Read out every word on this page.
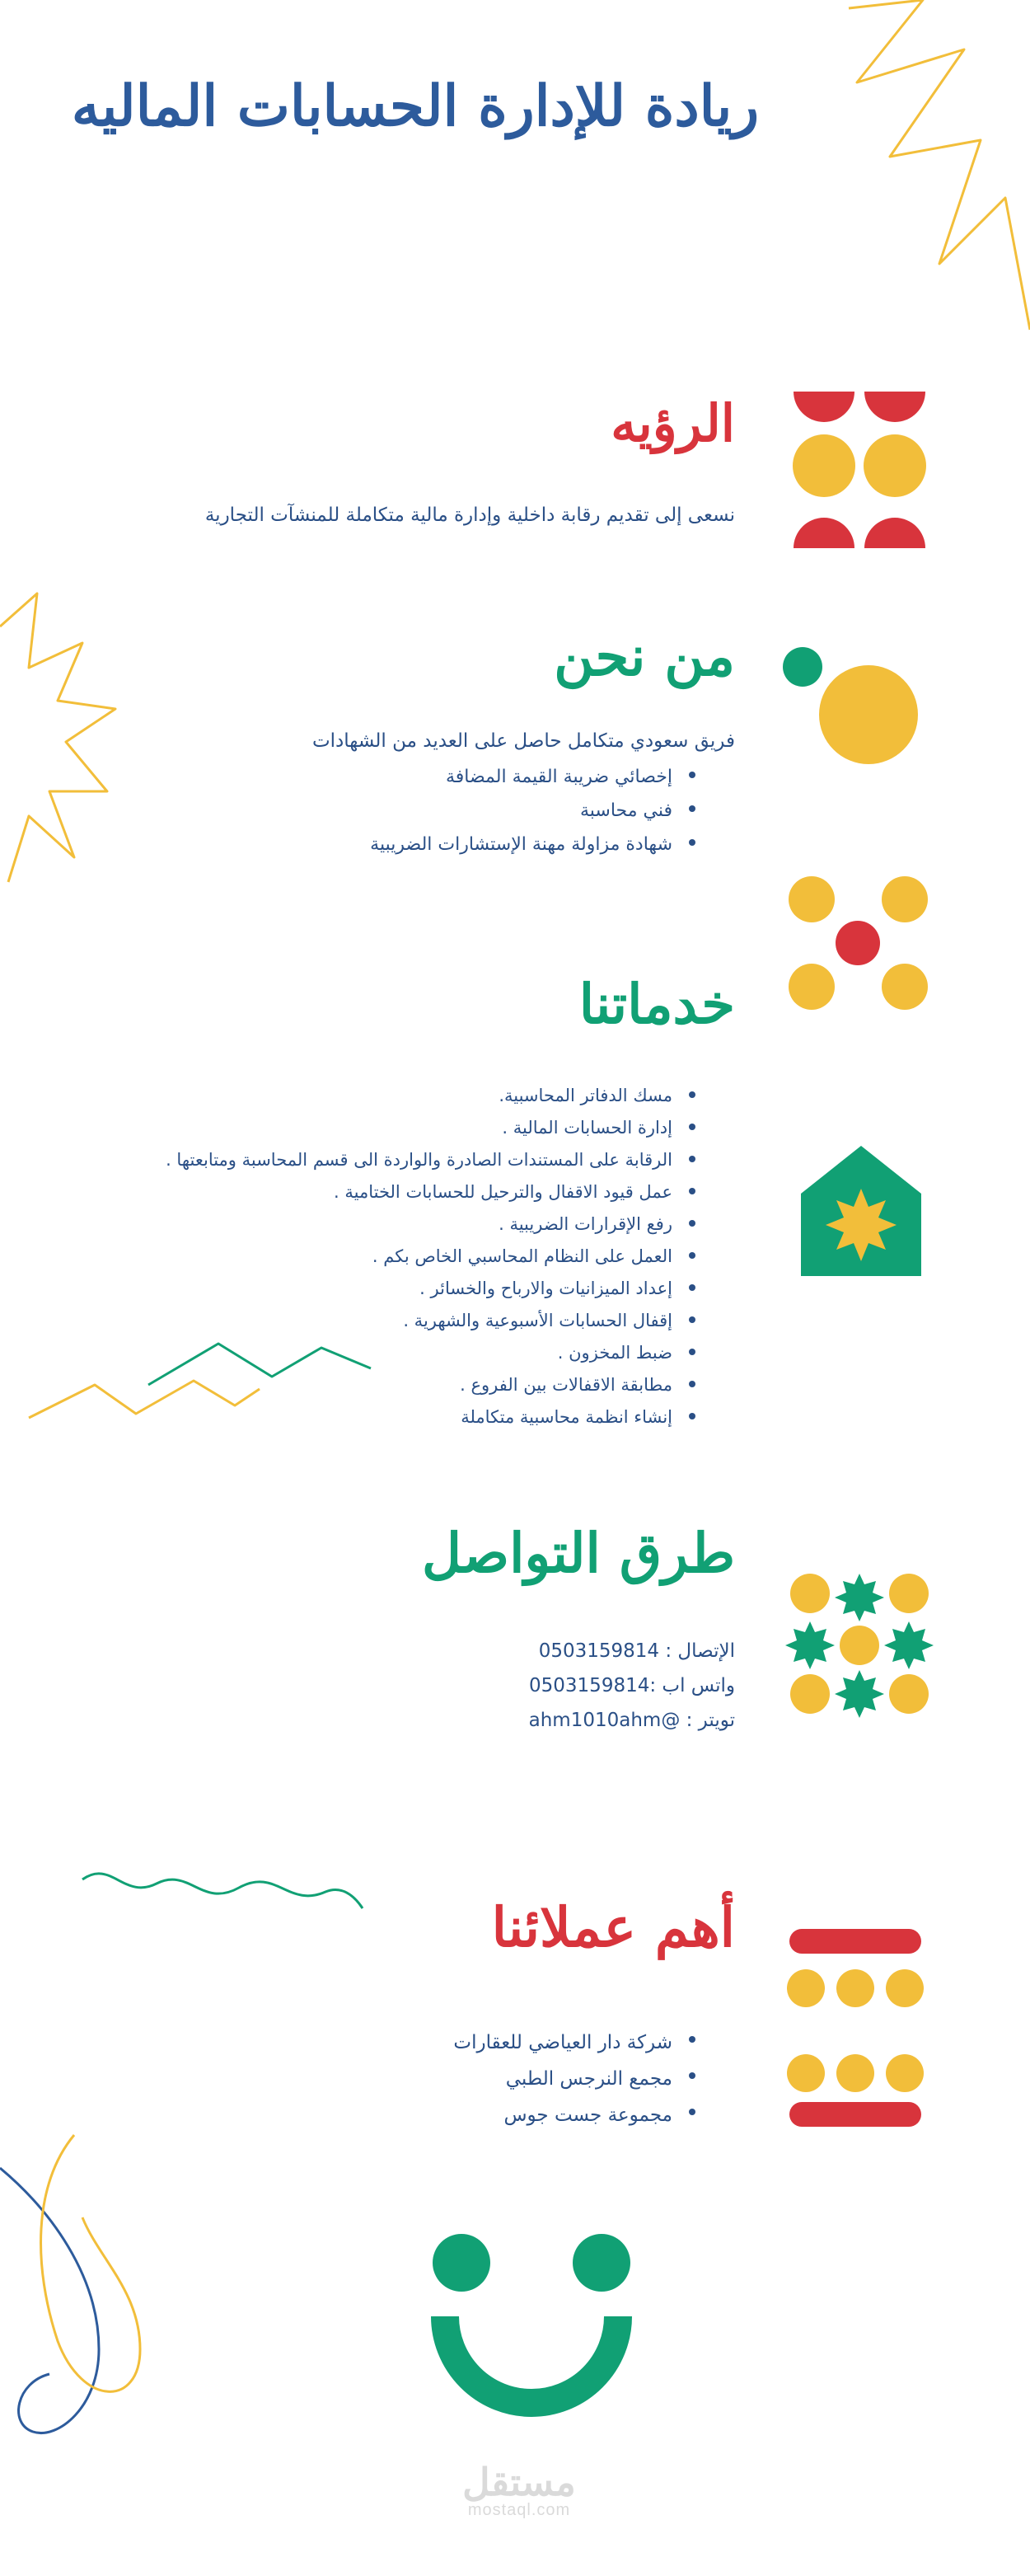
ريادة للإدارة الحسابات الماليه
الرؤيه

نسعى إلى تقديم رقابة داخلية وإدارة مالية متكاملة للمنشآت التجارية

من نحن

فريق سعودي متكامل حاصل على العديد من الشهادات

إخصائي ضريبة القيمة المضافة
فني محاسبة
شهادة مزاولة مهنة الإستشارات الضريبية
خدماتنا
مسك الدفاتر المحاسبية.
إدارة الحسابات المالية .
الرقابة على المستندات الصادرة والواردة الى قسم المحاسبة ومتابعتها .
عمل قيود الاقفال والترحيل للحسابات الختامية .
رفع الإقرارات الضريبية .
العمل على النظام المحاسبي الخاص بكم .
إعداد الميزانيات والارباح والخسائر .
إقفال الحسابات الأسبوعية والشهرية .
ضبط المخزون .
مطابقة الاقفالات بين الفروع .
إنشاء انظمة محاسبية متكاملة
طرق التواصل

الإتصال : 0503159814

واتس اب :0503159814

تويتر : @ahm1010ahm

أهم عملائنا
شركة دار العياضي للعقارات
مجمع النرجس الطبي
مجموعة جست جوس
مستقل
mostaql.com
